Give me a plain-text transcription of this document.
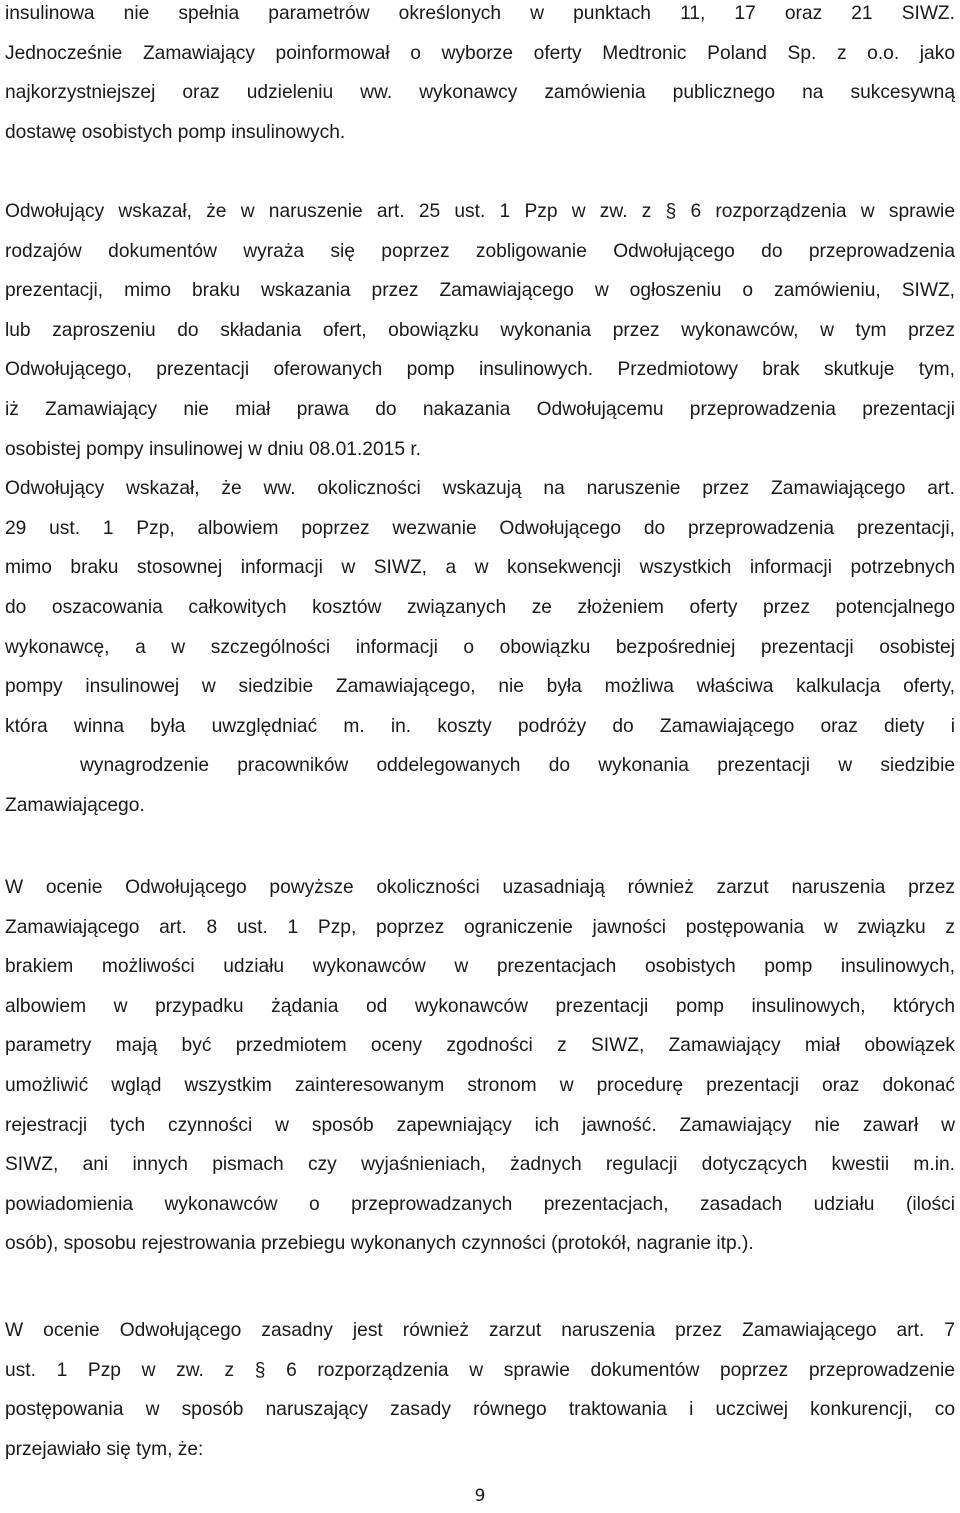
insulinowa nie spełnia parametrów określonych w punktach 11, 17 oraz 21 SIWZ.
Jednocześnie Zamawiający poinformował o wyborze oferty Medtronic Poland Sp. z o.o. jako
najkorzystniejszej oraz udzieleniu ww. wykonawcy zamówienia publicznego na sukcesywną
dostawę osobistych pomp insulinowych.
Odwołujący wskazał, że w naruszenie art. 25 ust. 1 Pzp w zw. z § 6 rozporządzenia w sprawie
rodzajów dokumentów wyraża się poprzez zobligowanie Odwołującego do przeprowadzenia
prezentacji, mimo braku wskazania przez Zamawiającego w ogłoszeniu o zamówieniu, SIWZ,
lub zaproszeniu do składania ofert, obowiązku wykonania przez wykonawców, w tym przez
Odwołującego, prezentacji oferowanych pomp insulinowych. Przedmiotowy brak skutkuje tym,
iż Zamawiający nie miał prawa do nakazania Odwołującemu przeprowadzenia prezentacji
osobistej pompy insulinowej w dniu 08.01.2015 r.
Odwołujący wskazał, że ww. okoliczności wskazują na naruszenie przez Zamawiającego art.
29 ust. 1 Pzp, albowiem poprzez wezwanie Odwołującego do przeprowadzenia prezentacji,
mimo braku stosownej informacji w SIWZ, a w konsekwencji wszystkich informacji potrzebnych
do oszacowania całkowitych kosztów związanych ze złożeniem oferty przez potencjalnego
wykonawcę, a w szczególności informacji o obowiązku bezpośredniej prezentacji osobistej
pompy insulinowej w siedzibie Zamawiającego, nie była możliwa właściwa kalkulacja oferty,
która winna była uwzględniać m. in. koszty podróży do Zamawiającego oraz diety i
wynagrodzenie pracowników oddelegowanych do wykonania prezentacji w siedzibie
Zamawiającego.
W ocenie Odwołującego powyższe okoliczności uzasadniają również zarzut naruszenia przez
Zamawiającego art. 8 ust. 1 Pzp, poprzez ograniczenie jawności postępowania w związku z
brakiem możliwości udziału wykonawców w prezentacjach osobistych pomp insulinowych,
albowiem w przypadku żądania od wykonawców prezentacji pomp insulinowych, których
parametry mają być przedmiotem oceny zgodności z SIWZ, Zamawiający miał obowiązek
umożliwić wgląd wszystkim zainteresowanym stronom w procedurę prezentacji oraz dokonać
rejestracji tych czynności w sposób zapewniający ich jawność. Zamawiający nie zawarł w
SIWZ, ani innych pismach czy wyjaśnieniach, żadnych regulacji dotyczących kwestii m.in.
powiadomienia wykonawców o przeprowadzanych prezentacjach, zasadach udziału (ilości
osób), sposobu rejestrowania przebiegu wykonanych czynności (protokół, nagranie itp.).
W ocenie Odwołującego zasadny jest również zarzut naruszenia przez Zamawiającego art. 7
ust. 1 Pzp w zw. z § 6 rozporządzenia w sprawie dokumentów poprzez przeprowadzenie
postępowania w sposób naruszający zasady równego traktowania i uczciwej konkurencji, co
przejawiało się tym, że:
9
